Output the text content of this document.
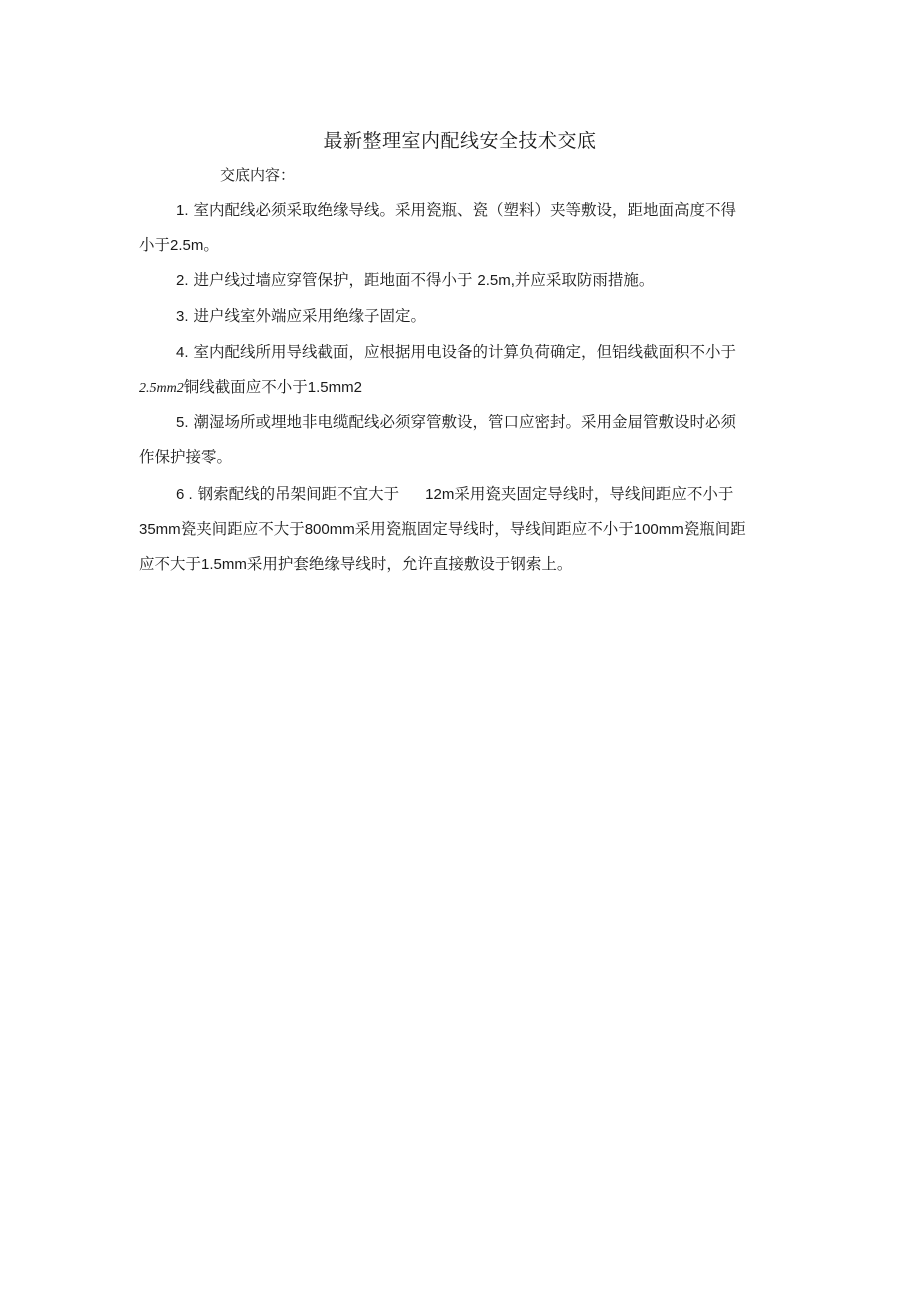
最新整理室内配线安全技术交底

交底内容：

1. 室内配线必须采取绝缘导线。采用瓷瓶、瓷（塑料）夹等敷设，距地面高度不得小于2.5m。

2. 进户线过墙应穿管保护，距地面不得小于 2.5m,并应采取防雨措施。

3. 进户线室外端应采用绝缘子固定。

4. 室内配线所用导线截面，应根据用电设备的计算负荷确定，但铝线截面积不小于2.5mm2铜线截面应不小于1.5mm2

5. 潮湿场所或埋地非电缆配线必须穿管敷设，管口应密封。采用金屇管敷设时必须作保护接零。

6 . 钢索配线的吊架间距不宜大于 12m采用瓷夹固定导线时，导线间距应不小于35mm瓷夹间距应不大于800mm采用瓷瓶固定导线时，导线间距应不小于100mm瓷瓶间距应不大于1.5mm采用护套绝缘导线时，允许直接敷设于钢索上。
